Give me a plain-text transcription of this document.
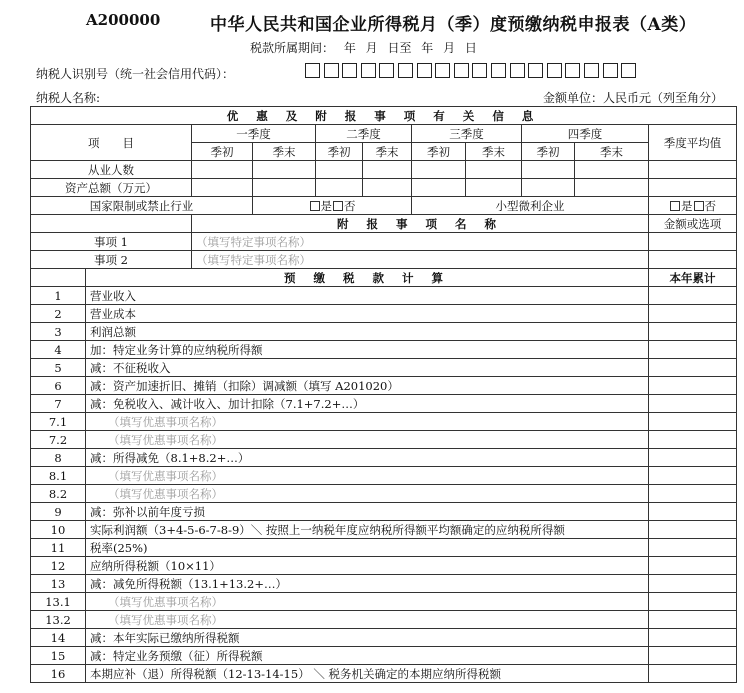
A200000	中华人民共和国企业所得税月（季）度预缴纳税申报表（A类）
税款所属期间： 年 月 日至 年 月 日
纳税人识别号（统一社会信用代码）：
纳税人名称:	金额单位：人民币元（列至角分）
优 惠 及 附 报 事 项 有 关 信 息										
项　　目		一季度		二季度		三季度		四季度		季度平均值
		季初	季末	季初	季末	季初	季末	季初	季末	
从业人数										
资产总额（万元）										
国家限制或禁止行业			是 否			小型微利企业				是 否
		附 报 事 项 名 称								金额或选项
事项 1		（填写特定事项名称）								
事项 2		（填写特定事项名称）								
	预 缴 税 款 计 算									本年累计
1	营业收入									
2	营业成本									
3	利润总额									
4	加：特定业务计算的应纳税所得额									
5	减：不征税收入									
6	减：资产加速折旧、摊销（扣除）调减额（填写 A201020）									
7	减：免税收入、减计收入、加计扣除（7.1+7.2+…）									
7.1	（填写优惠事项名称）									
7.2	（填写优惠事项名称）									
8	减：所得减免（8.1+8.2+…）									
8.1	（填写优惠事项名称）									
8.2	（填写优惠事项名称）									
9	减：弥补以前年度亏损									
10	实际利润额（3+4-5-6-7-8-9）＼ 按照上一纳税年度应纳税所得额平均额确定的应纳税所得额									
11	税率(25%)									
12	应纳所得税额（10×11）									
13	减：减免所得税额（13.1+13.2+…）									
13.1	（填写优惠事项名称）									
13.2	（填写优惠事项名称）									
14	减：本年实际已缴纳所得税额									
15	减：特定业务预缴（征）所得税额									
16	本期应补（退）所得税额（12-13-14-15） ＼ 税务机关确定的本期应纳所得税额									
